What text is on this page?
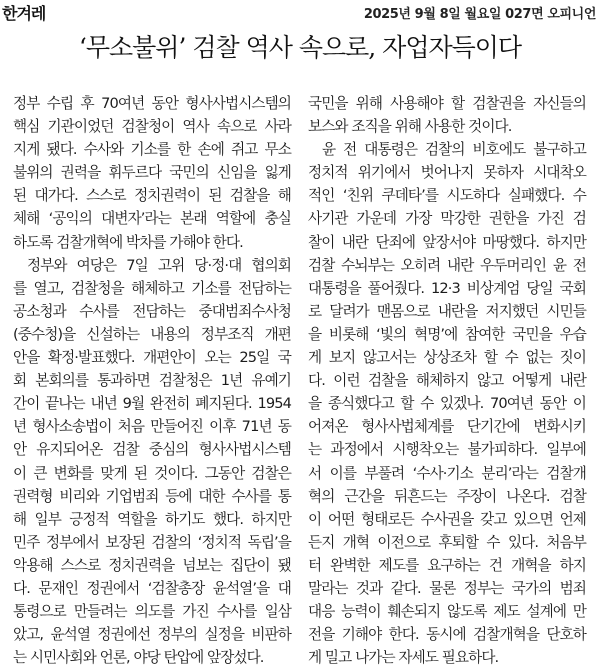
한겨레	2025년 9월 8일 월요일 027면 오피니언
‘무소불위’ 검찰 역사 속으로, 자업자득이다
정부 수립 후 70여년 동안 형사사법시스템의
핵심 기관이었던 검찰청이 역사 속으로 사라
지게 됐다. 수사와 기소를 한 손에 쥐고 무소
불위의 권력을 휘두르다 국민의 신임을 잃게
된 대가다. 스스로 정치권력이 된 검찰을 해
체해 ‘공익의 대변자’라는 본래 역할에 충실
하도록 검찰개혁에 박차를 가해야 한다.
정부와 여당은 7일 고위 당·정·대 협의회
를 열고, 검찰청을 해체하고 기소를 전담하는
공소청과 수사를 전담하는 중대범죄수사청
(중수청)을 신설하는 내용의 정부조직 개편
안을 확정·발표했다. 개편안이 오는 25일 국
회 본회의를 통과하면 검찰청은 1년 유예기
간이 끝나는 내년 9월 완전히 폐지된다. 1954
년 형사소송법이 처음 만들어진 이후 71년 동
안 유지되어온 검찰 중심의 형사사법시스템
이 큰 변화를 맞게 된 것이다. 그동안 검찰은
권력형 비리와 기업범죄 등에 대한 수사를 통
해 일부 긍정적 역할을 하기도 했다. 하지만
민주 정부에서 보장된 검찰의 ‘정치적 독립’을
악용해 스스로 정치권력을 넘보는 집단이 됐
다. 문재인 정권에서 ‘검찰총장 윤석열’을 대
통령으로 만들려는 의도를 가진 수사를 일삼
았고, 윤석열 정권에선 정부의 실정을 비판하
는 시민사회와 언론, 야당 탄압에 앞장섰다.
국민을 위해 사용해야 할 검찰권을 자신들의
보스와 조직을 위해 사용한 것이다.
윤 전 대통령은 검찰의 비호에도 불구하고
정치적 위기에서 벗어나지 못하자 시대착오
적인 ‘친위 쿠데타’를 시도하다 실패했다. 수
사기관 가운데 가장 막강한 권한을 가진 검
찰이 내란 단죄에 앞장서야 마땅했다. 하지만
검찰 수뇌부는 오히려 내란 우두머리인 윤 전
대통령을 풀어줬다. 12·3 비상계엄 당일 국회
로 달려가 맨몸으로 내란을 저지했던 시민들
을 비롯해 ‘빛의 혁명’에 참여한 국민을 우습
게 보지 않고서는 상상조차 할 수 없는 짓이
다. 이런 검찰을 해체하지 않고 어떻게 내란
을 종식했다고 할 수 있겠나. 70여년 동안 이
어져온 형사사법체계를 단기간에 변화시키
는 과정에서 시행착오는 불가피하다. 일부에
서 이를 부풀려 ‘수사·기소 분리’라는 검찰개
혁의 근간을 뒤흔드는 주장이 나온다. 검찰
이 어떤 형태로든 수사권을 갖고 있으면 언제
든지 개혁 이전으로 후퇴할 수 있다. 처음부
터 완벽한 제도를 요구하는 건 개혁을 하지
말라는 것과 같다. 물론 정부는 국가의 범죄
대응 능력이 훼손되지 않도록 제도 설계에 만
전을 기해야 한다. 동시에 검찰개혁을 단호하
게 밀고 나가는 자세도 필요하다.
